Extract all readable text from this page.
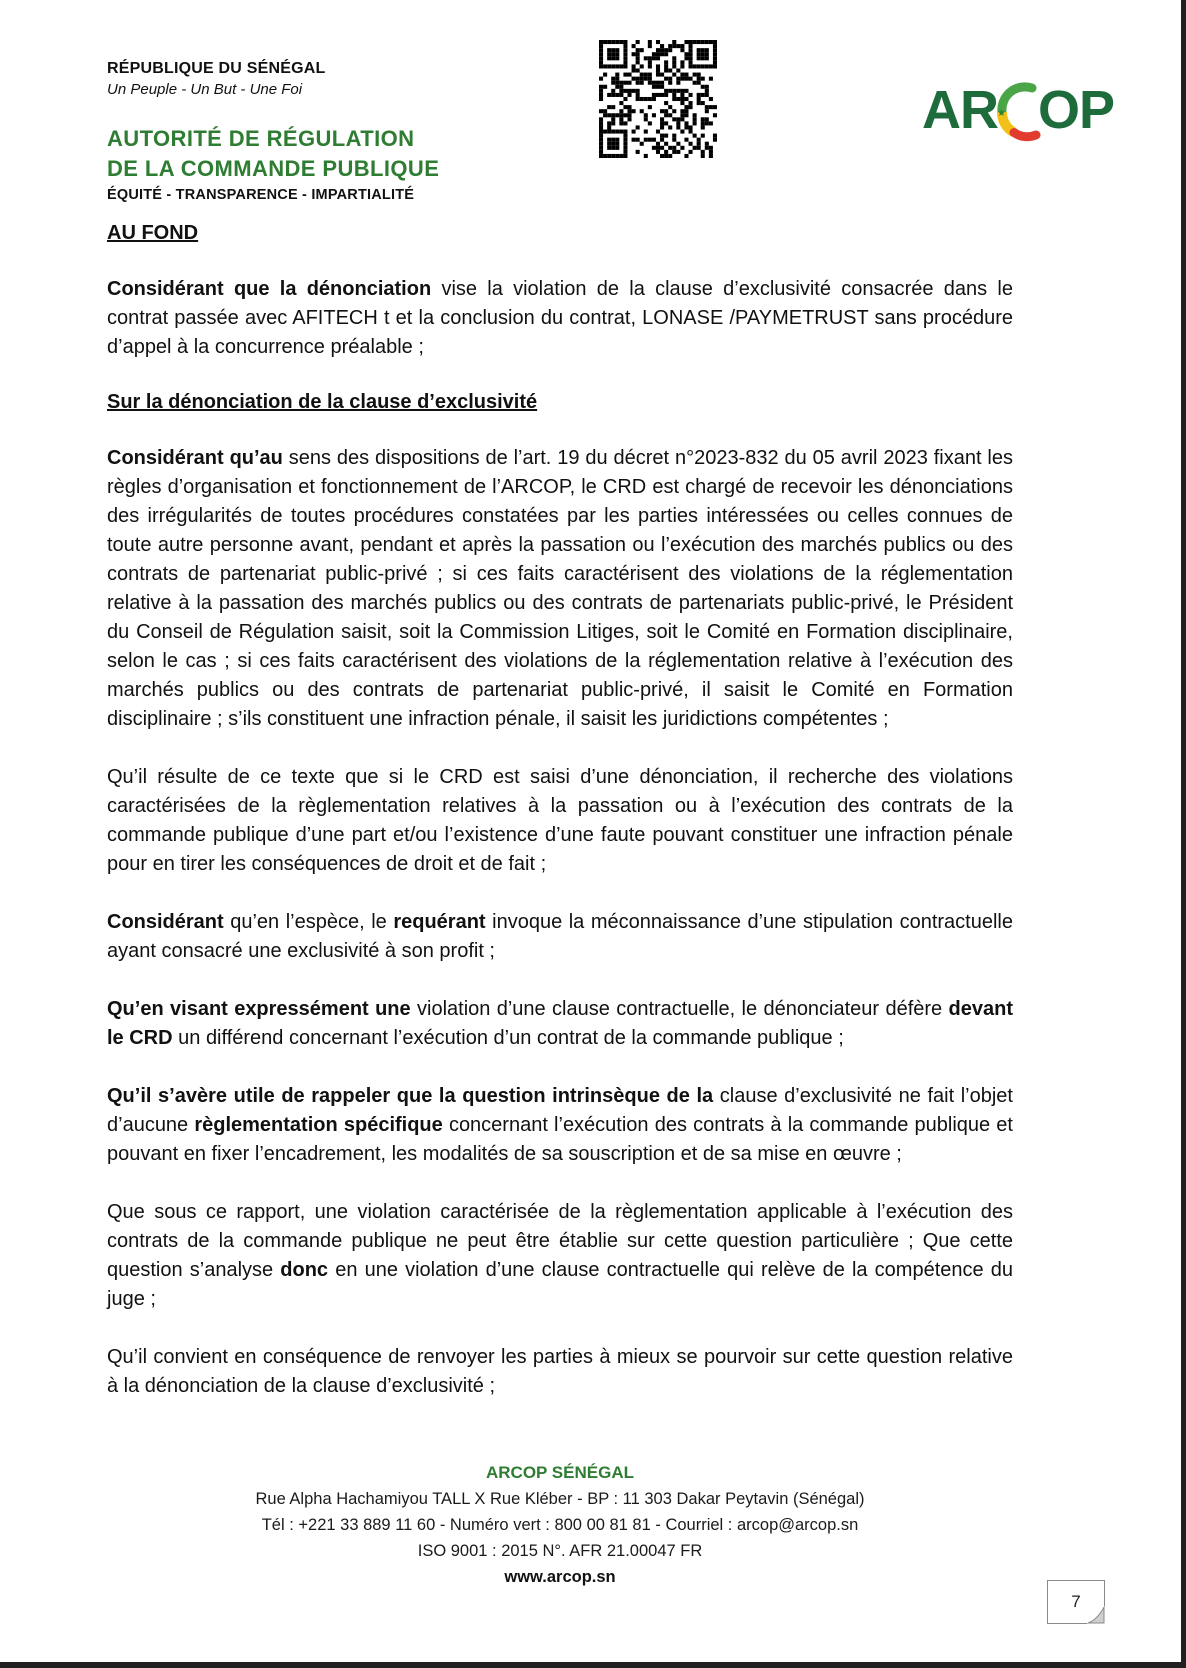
RÉPUBLIQUE DU SÉNÉGAL
Un Peuple - Un But - Une Foi
AUTORITÉ DE RÉGULATION
DE LA COMMANDE PUBLIQUE
ÉQUITÉ - TRANSPARENCE - IMPARTIALITÉ
AR ★ OP
AU FOND

Considérant que la dénonciation vise la violation de la clause d’exclusivité consacrée dans le contrat passée avec AFITECH t et la conclusion du contrat, LONASE /PAYMETRUST sans procédure d’appel à la concurrence préalable ;

Sur la dénonciation de la clause d’exclusivité

Considérant qu’au sens des dispositions de l’art. 19 du décret n°2023-832 du 05 avril 2023 fixant les règles d’organisation et fonctionnement de l’ARCOP, le CRD est chargé de recevoir les dénonciations des irrégularités de toutes procédures constatées par les parties intéressées ou celles connues de toute autre personne avant, pendant et après la passation ou l’exécution des marchés publics ou des contrats de partenariat public-privé ; si ces faits caractérisent des violations de la réglementation relative à la passation des marchés publics ou des contrats de partenariats public-privé, le Président du Conseil de Régulation saisit, soit la Commission Litiges, soit le Comité en Formation disciplinaire, selon le cas ; si ces faits caractérisent des violations de la réglementation relative à l’exécution des marchés publics ou des contrats de partenariat public-privé, il saisit le Comité en Formation disciplinaire ; s’ils constituent une infraction pénale, il saisit les juridictions compétentes ;

Qu’il résulte de ce texte que si le CRD est saisi d’une dénonciation, il recherche des violations caractérisées de la règlementation relatives à la passation ou à l’exécution des contrats de la commande publique d’une part et/ou l’existence d’une faute pouvant constituer une infraction pénale pour en tirer les conséquences de droit et de fait ;

Considérant qu’en l’espèce, le requérant invoque la méconnaissance d’une stipulation contractuelle ayant consacré une exclusivité à son profit ;

Qu’en visant expressément une violation d’une clause contractuelle, le dénonciateur défère devant le CRD un différend concernant l’exécution d’un contrat de la commande publique ;

Qu’il s’avère utile de rappeler que la question intrinsèque de la clause d’exclusivité ne fait l’objet d’aucune règlementation spécifique concernant l’exécution des contrats à la commande publique et pouvant en fixer l’encadrement, les modalités de sa souscription et de sa mise en œuvre ;

Que sous ce rapport, une violation caractérisée de la règlementation applicable à l’exécution des contrats de la commande publique ne peut être établie sur cette question particulière ; Que cette question s’analyse donc en une violation d’une clause contractuelle qui relève de la compétence du juge ;

Qu’il convient en conséquence de renvoyer les parties à mieux se pourvoir sur cette question relative à la dénonciation de la clause d’exclusivité ;

ARCOP SÉNÉGAL
Rue Alpha Hachamiyou TALL X Rue Kléber - BP : 11 303 Dakar Peytavin (Sénégal)
Tél : +221 33 889 11 60 - Numéro vert : 800 00 81 81 - Courriel : arcop@arcop.sn
ISO 9001 : 2015 N°. AFR 21.00047 FR
www.arcop.sn
7
